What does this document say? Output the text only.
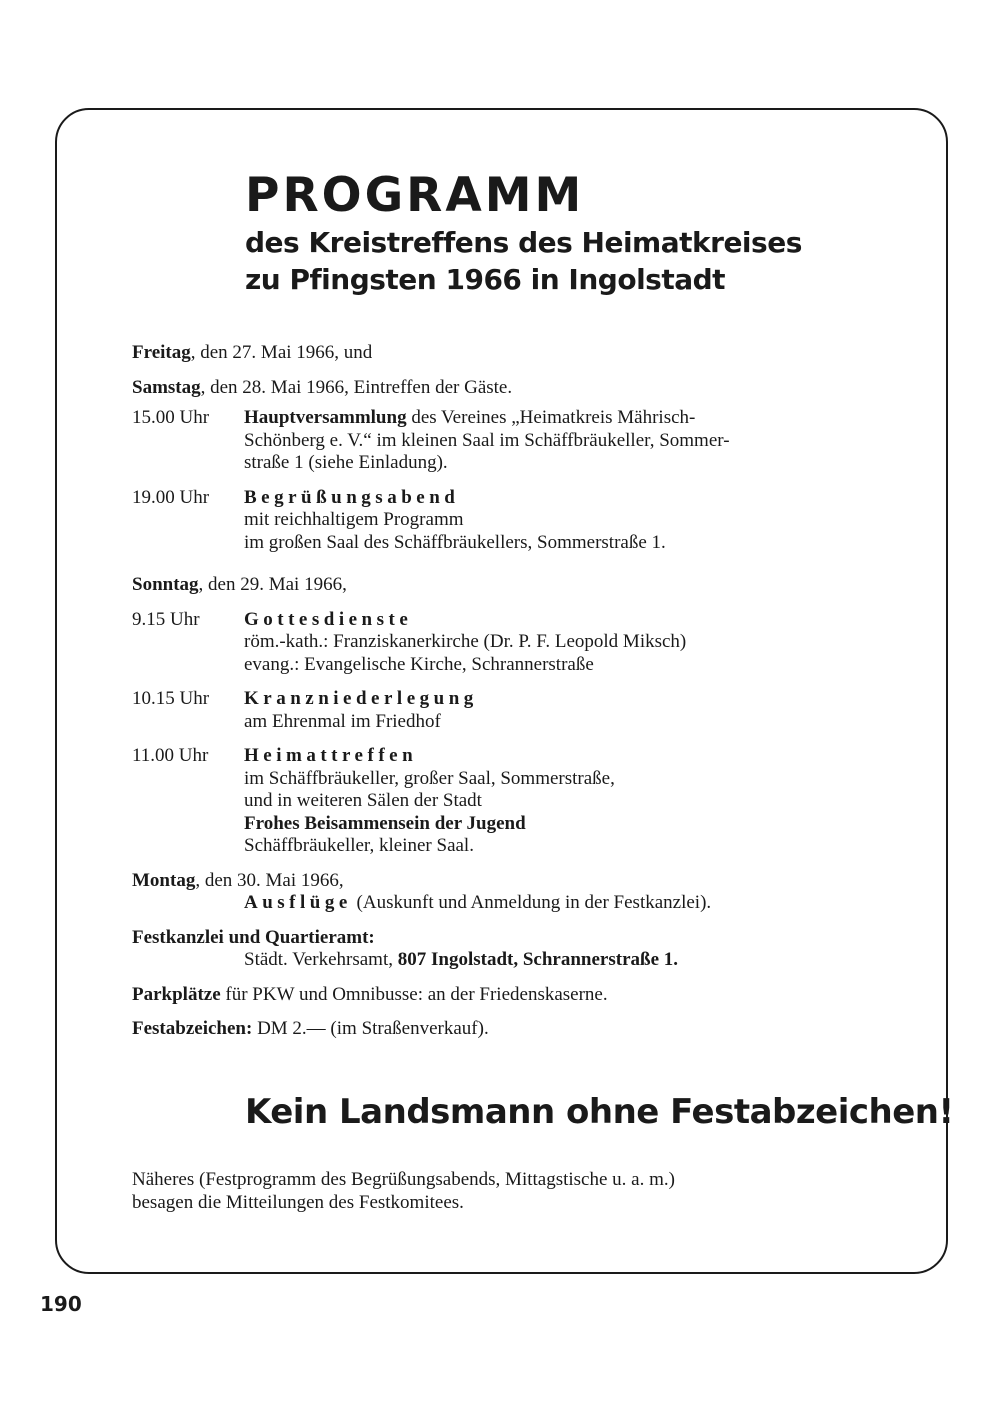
PROGRAMM
des Kreistreffens des Heimatkreises
zu Pfingsten 1966 in Ingolstadt

Freitag, den 27. Mai 1966, und

Samstag, den 28. Mai 1966, Eintreffen der Gäste.

15.00 Uhr	Hauptversammlung des Vereines „Heimatkreis Mährisch-

Schönberg e. V.“ im kleinen Saal im Schäffbräukeller, Sommer-

straße 1 (siehe Einladung).

19.00 Uhr	Begrüßungsabend

mit reichhaltigem Programm

im großen Saal des Schäffbräukellers, Sommerstraße 1.

Sonntag, den 29. Mai 1966,

9.15 Uhr	Gottesdienste

röm.-kath.: Franziskanerkirche (Dr. P. F. Leopold Miksch)

evang.: Evangelische Kirche, Schrannerstraße

10.15 Uhr	Kranzniederlegung

am Ehrenmal im Friedhof

11.00 Uhr	Heimattreffen

im Schäffbräukeller, großer Saal, Sommerstraße,

und in weiteren Sälen der Stadt

Frohes Beisammensein der Jugend

Schäffbräukeller, kleiner Saal.

Montag, den 30. Mai 1966,

Ausflüge (Auskunft und Anmeldung in der Festkanzlei).

Festkanzlei und Quartieramt:

Städt. Verkehrsamt, 807 Ingolstadt, Schrannerstraße 1.

Parkplätze für PKW und Omnibusse: an der Friedenskaserne.

Festabzeichen: DM 2.— (im Straßenverkauf).

Kein Landsmann ohne Festabzeichen!

Näheres (Festprogramm des Begrüßungsabends, Mittagstische u. a. m.)

besagen die Mitteilungen des Festkomitees.

190
